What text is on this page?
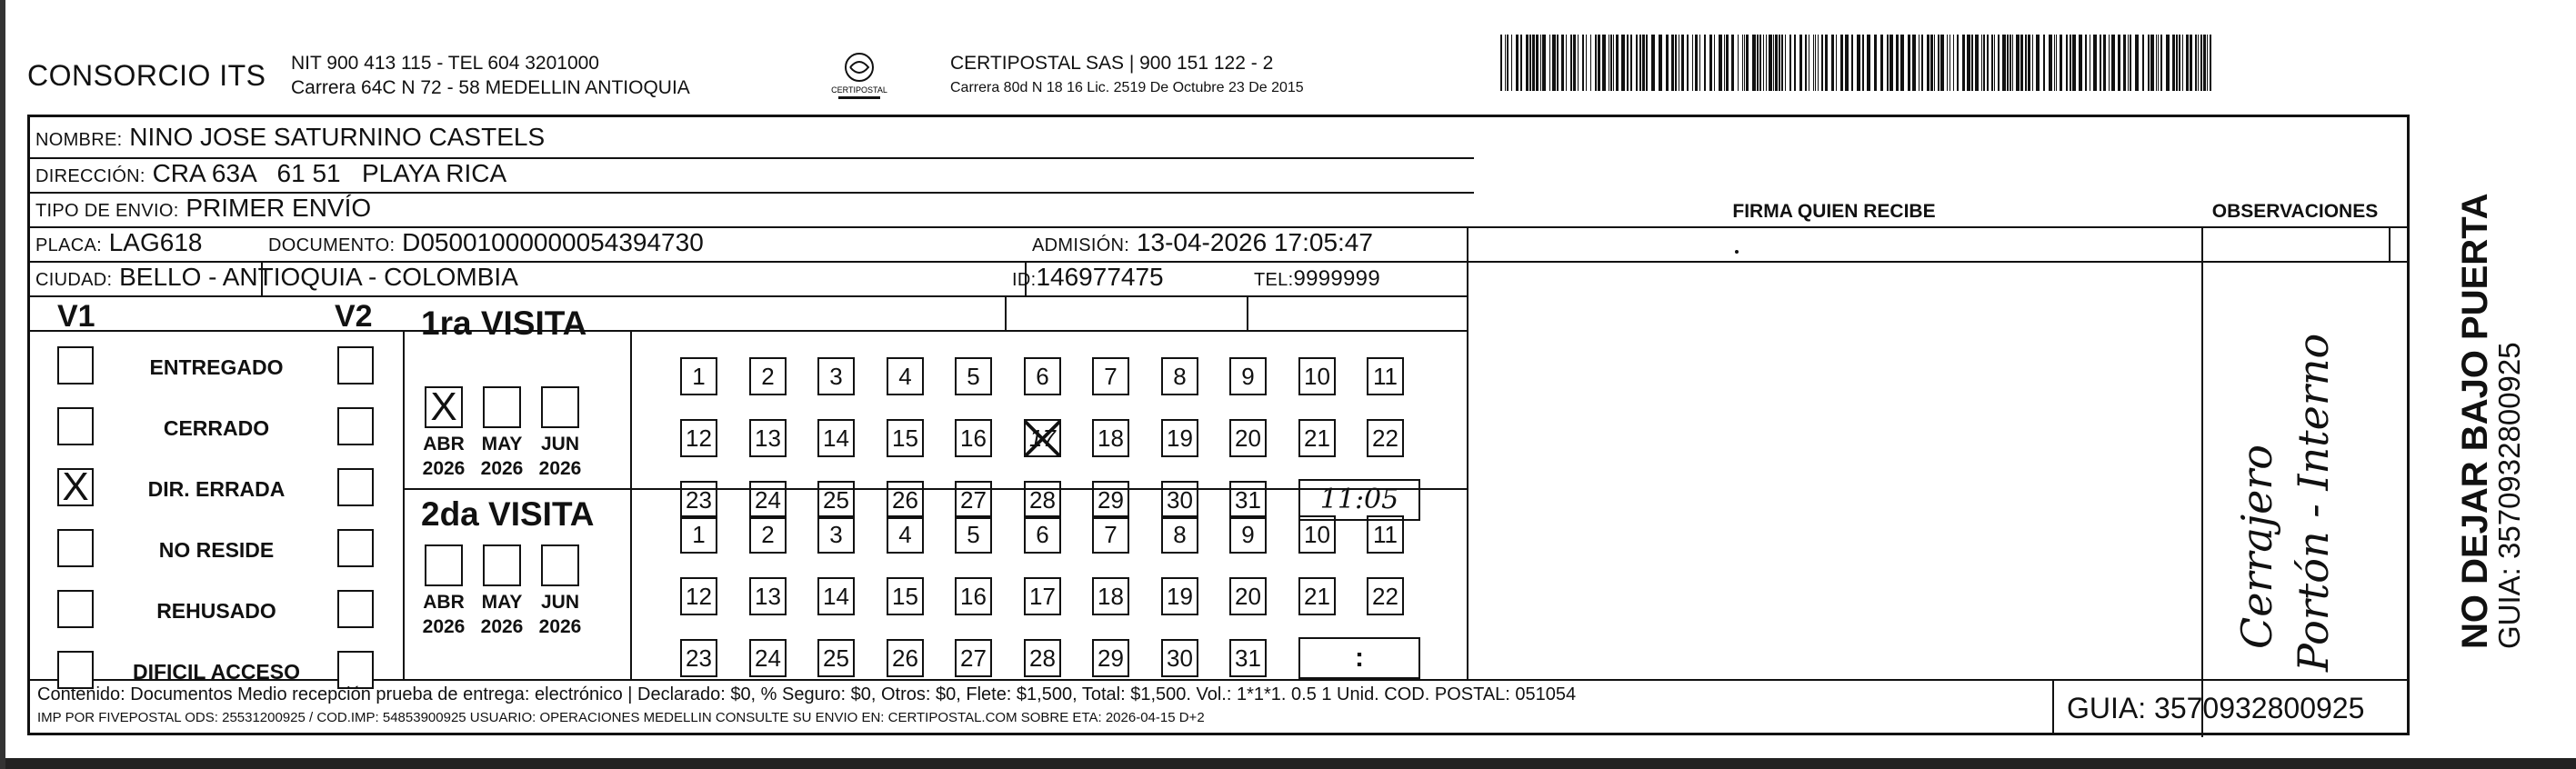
CONSORCIO ITS NIT 900 413 115 - TEL 604 3201000
Carrera 64C N 72 - 58 MEDELLIN ANTIOQUIA	CERTIPOSTAL
CERTIPOSTAL SAS | 900 151 122 - 2
Carrera 80d N 18 16 Lic. 2519 De Octubre 23 De 2015
NOMBRE: NINO JOSE SATURNINO CASTELS
DIRECCIÓN: CRA 63A   61 51   PLAYA RICA
TIPO DE ENVIO: PRIMER ENVÍO	FIRMA QUIEN RECIBE	OBSERVACIONES
PLACA: LAG618	DOCUMENTO: D05001000000054394730	ADMISIÓN: 13-04-2026 17:05:47
CIUDAD: BELLO - ANTIOQUIA - COLOMBIA	ID:146977475	TEL:9999999
V1	V2
ENTREGADO
CERRADO
X	DIR. ERRADA
NO RESIDE
REHUSADO
DIFICIL ACCESO
1ra VISITA
2da VISITA
X
ABR
2026
MAY
2026
JUN
2026
1	2	3	4	5	6	7	8	9	10 11
12 13 14 15 16 17 18 19 20 21 22
23 24 25 26 27 28 29 30 31	11:05
ABR
2026
MAY
2026
JUN
2026
1	2	3	4	5	6	7	8	9	10 11
12 13 14 15 16 17 18 19 20 21 22
23 24 25 26 27 28 29 30 31	:
Cerrajero Portón - Interno
Contenido: Documentos Medio recepción prueba de entrega: electrónico | Declarado: $0, % Seguro: $0, Otros: $0, Flete: $1,500, Total: $1,500. Vol.: 1*1*1. 0.5 1 Unid. COD. POSTAL: 051054
IMP POR FIVEPOSTAL ODS: 25531200925 / COD.IMP: 54853900925 USUARIO: OPERACIONES MEDELLIN CONSULTE SU ENVIO EN: CERTIPOSTAL.COM SOBRE ETA: 2026-04-15 D+2	GUIA: 3570932800925
NO DEJAR BAJO PUERTA
GUIA: 3570932800925
